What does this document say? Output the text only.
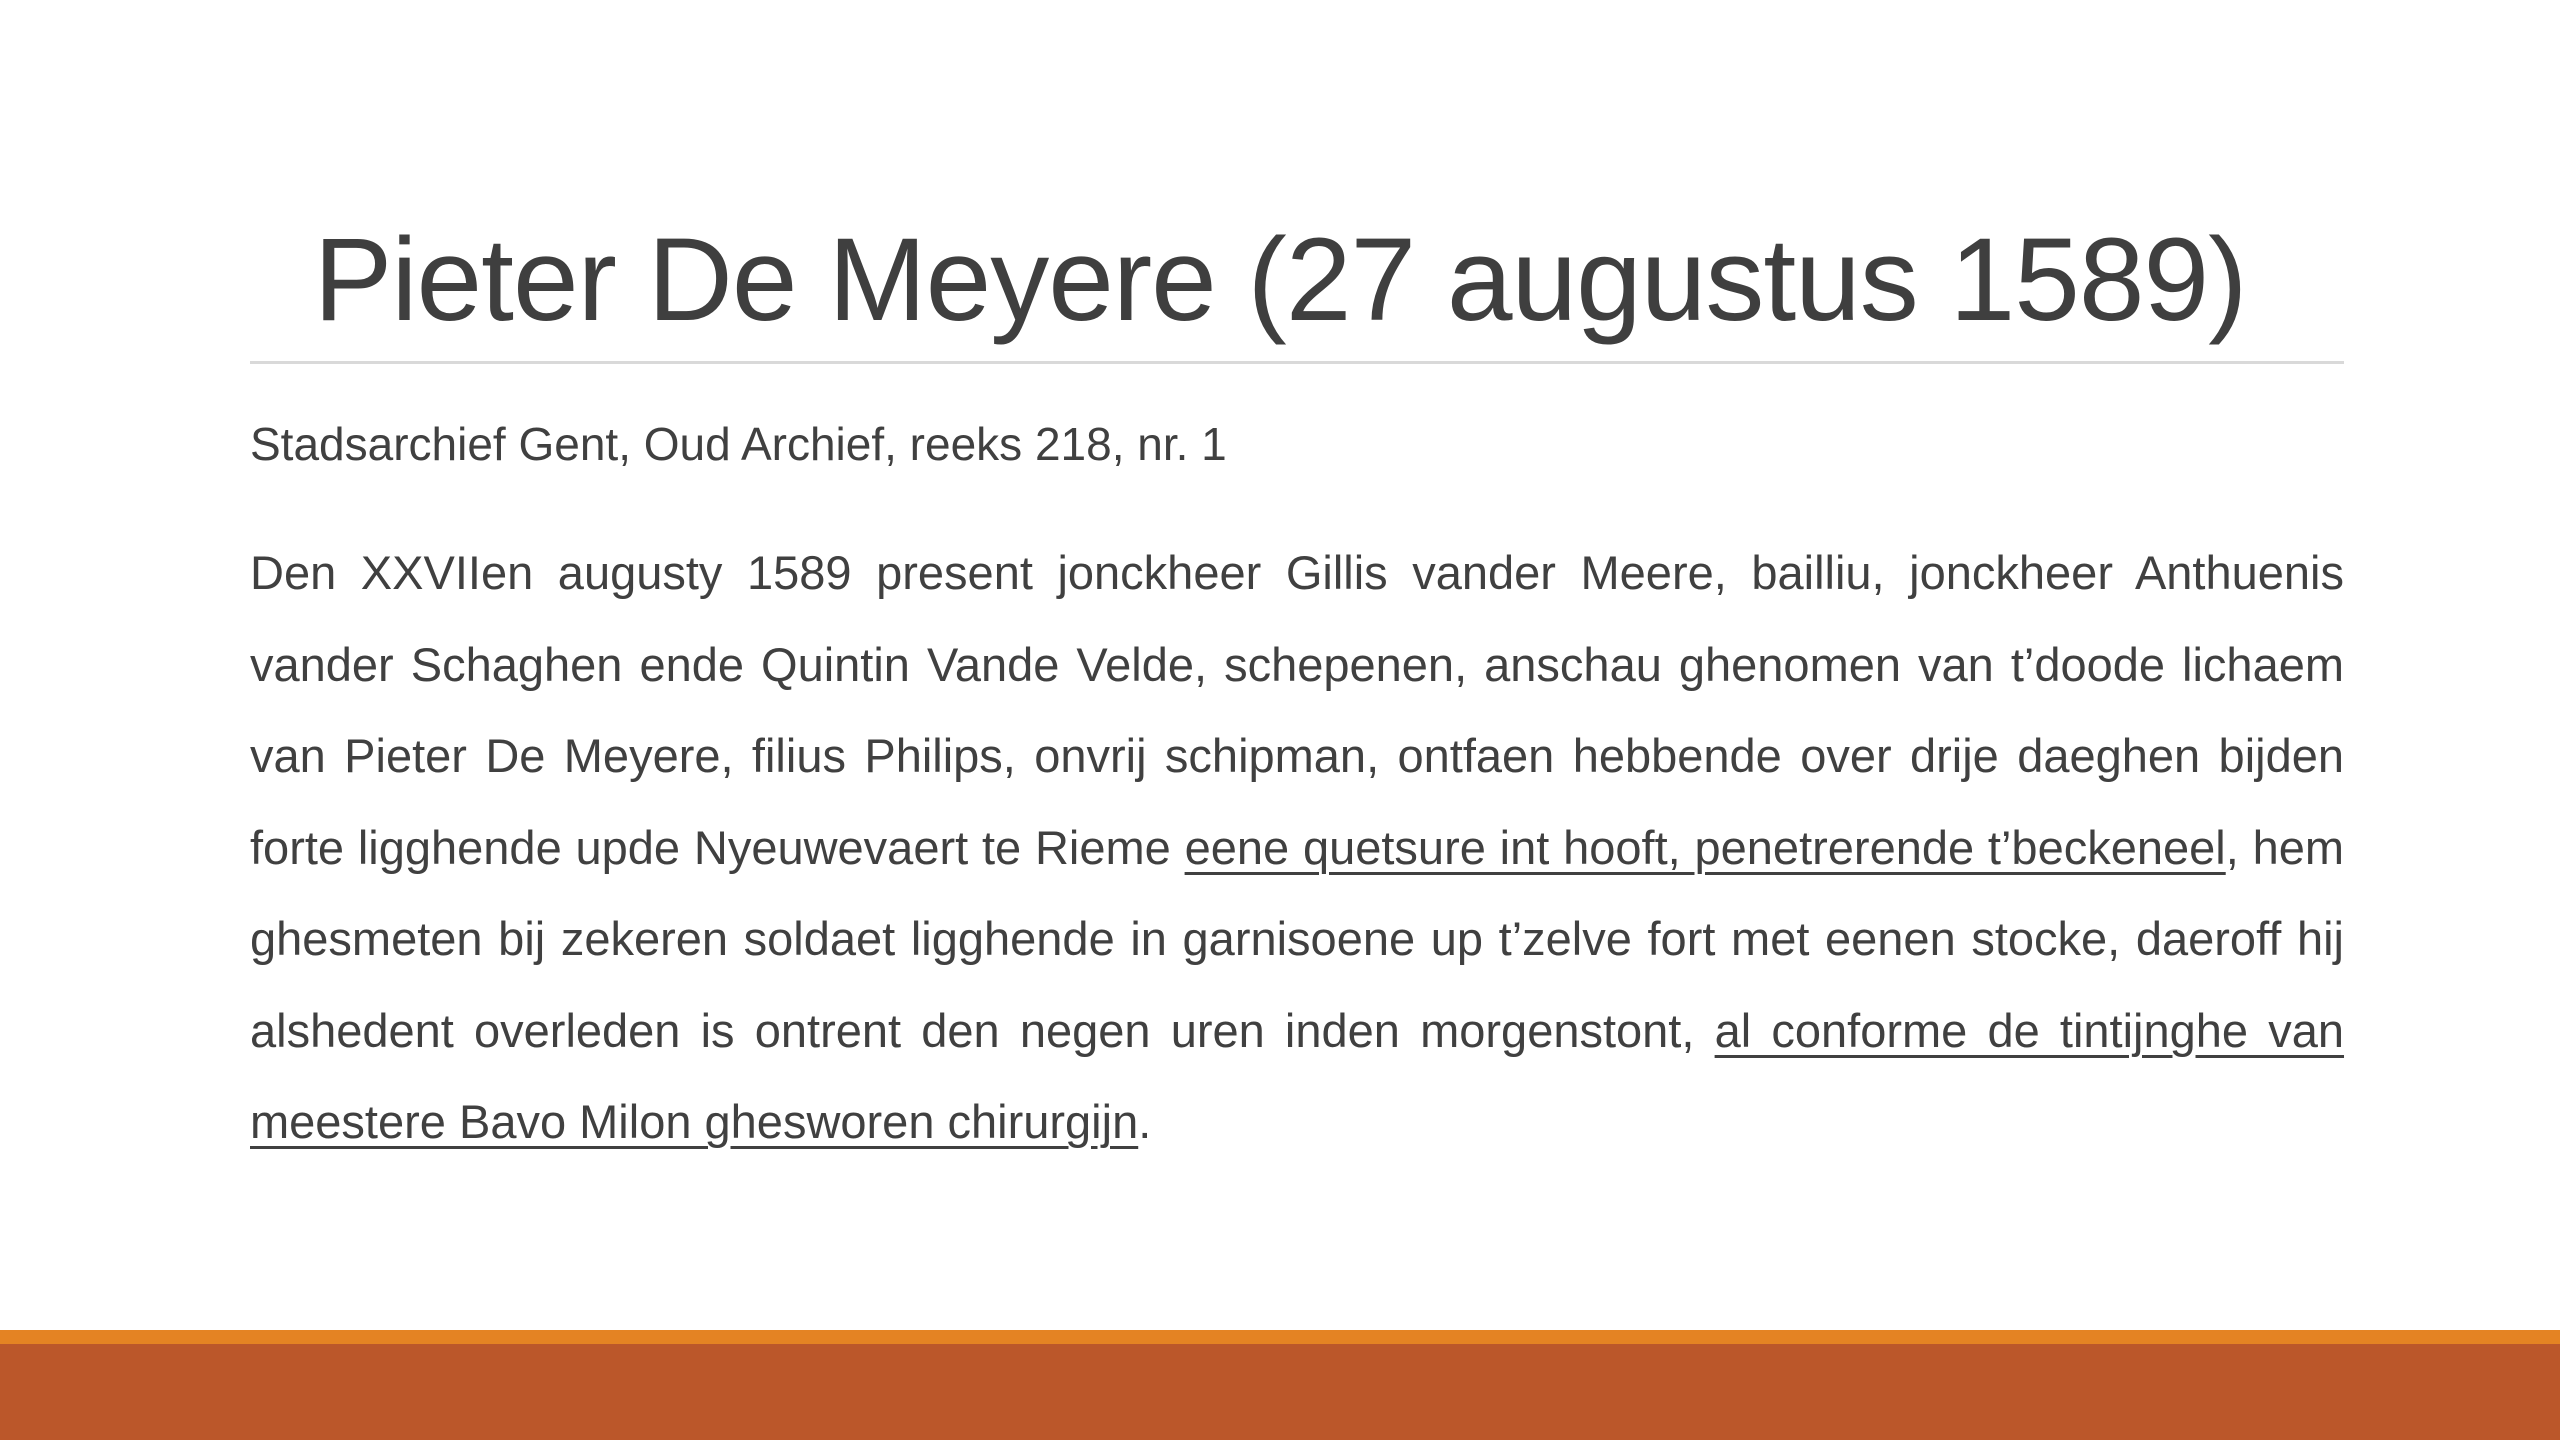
Pieter De Meyere (27 augustus 1589)

Stadsarchief Gent, Oud Archief, reeks 218, nr. 1

Den XXVIIen augusty 1589 present jonckheer Gillis vander Meere, bailliu, jonckheer Anthuenis vander Schaghen ende Quintin Vande Velde, schepenen, anschau ghenomen van t’doode lichaem van Pieter De Meyere, filius Philips, onvrij schipman, ontfaen hebbende over drije daeghen bijden forte ligghende upde Nyeuwevaert te Rieme eene quetsure int hooft, penetrerende t’beckeneel, hem ghesmeten bij zekeren soldaet ligghende in garnisoene up t’zelve fort met eenen stocke, daeroff hij alshedent overleden is ontrent den negen uren inden morgenstont, al conforme de tintijnghe van meestere Bavo Milon ghesworen chirurgijn.
